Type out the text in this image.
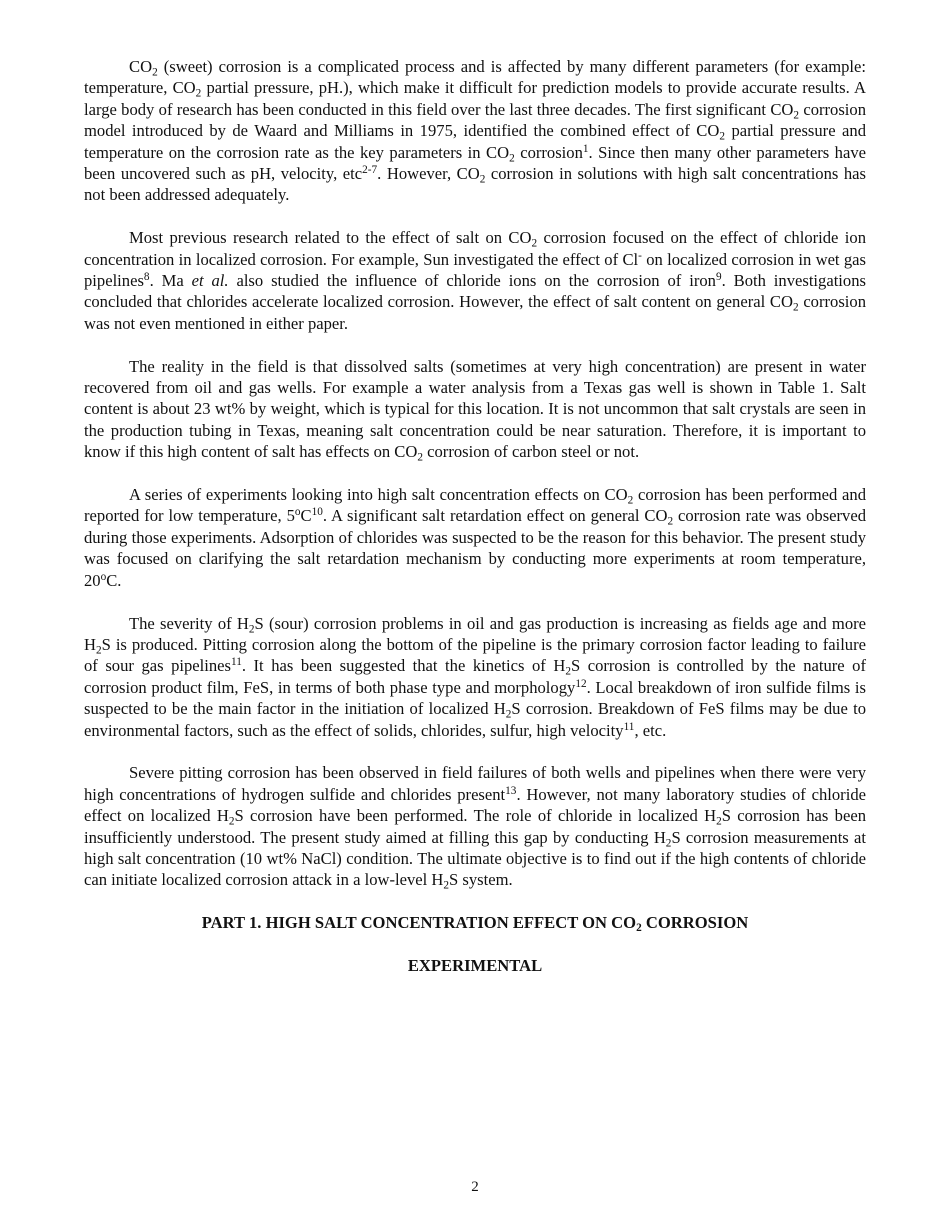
$CO_2$ (sweet) corrosion is a complicated process and is affected by many different parameters (for example: temperature, $CO_2$ partial pressure, pH.), which make it difficult for prediction models to provide accurate results. A large body of research has been conducted in this field over the last three decades. The first significant $CO_2$ corrosion model introduced by de Waard and Milliams in 1975, identified the combined effect of $CO_2$ partial pressure and temperature on the corrosion rate as the key parameters in $CO_2$ corrosion$^1$. Since then many other parameters have been uncovered such as pH, velocity, etc$^{2-7}$. However, $CO_2$ corrosion in solutions with high salt concentrations has not been addressed adequately.

Most previous research related to the effect of salt on $CO_2$ corrosion focused on the effect of chloride ion concentration in localized corrosion. For example, Sun investigated the effect of Cl- on localized corrosion in wet gas pipelines$^8$. Ma et al. also studied the influence of chloride ions on the corrosion of iron$^9$. Both investigations concluded that chlorides accelerate localized corrosion. However, the effect of salt content on general $CO_2$ corrosion was not even mentioned in either paper.

The reality in the field is that dissolved salts (sometimes at very high concentration) are present in water recovered from oil and gas wells. For example a water analysis from a Texas gas well is shown in Table 1. Salt content is about 23 wt% by weight, which is typical for this location. It is not uncommon that salt crystals are seen in the production tubing in Texas, meaning salt concentration could be near saturation. Therefore, it is important to know if this high content of salt has effects on $CO_2$ corrosion of carbon steel or not.

A series of experiments looking into high salt concentration effects on $CO_2$ corrosion has been performed and reported for low temperature, $5^oC^{10}$. A significant salt retardation effect on general $CO_2$ corrosion rate was observed during those experiments. Adsorption of chlorides was suspected to be the reason for this behavior. The present study was focused on clarifying the salt retardation mechanism by conducting more experiments at room temperature, 20$^o$C.

The severity of $H_2S$ (sour) corrosion problems in oil and gas production is increasing as fields age and more $H_2S$ is produced. Pitting corrosion along the bottom of the pipeline is the primary corrosion factor leading to failure of sour gas pipelines$^{11}$. It has been suggested that the kinetics of $H_2S$ corrosion is controlled by the nature of corrosion product film, FeS, in terms of both phase type and morphology$^{12}$. Local breakdown of iron sulfide films is suspected to be the main factor in the initiation of localized $H_2S$ corrosion. Breakdown of FeS films may be due to environmental factors, such as the effect of solids, chlorides, sulfur, high velocity$^{11}$, etc.

Severe pitting corrosion has been observed in field failures of both wells and pipelines when there were very high concentrations of hydrogen sulfide and chlorides present$^{13}$. However, not many laboratory studies of chloride effect on localized $H_2S$ corrosion have been performed. The role of chloride in localized $H_2S$ corrosion has been insufficiently understood. The present study aimed at filling this gap by conducting $H_2S$ corrosion measurements at high salt concentration (10 wt% NaCl) condition. The ultimate objective is to find out if the high contents of chloride can initiate localized corrosion attack in a low-level $H_2S$ system.

PART 1. HIGH SALT CONCENTRATION EFFECT ON $CO_2$ CORROSION
EXPERIMENTAL
2
